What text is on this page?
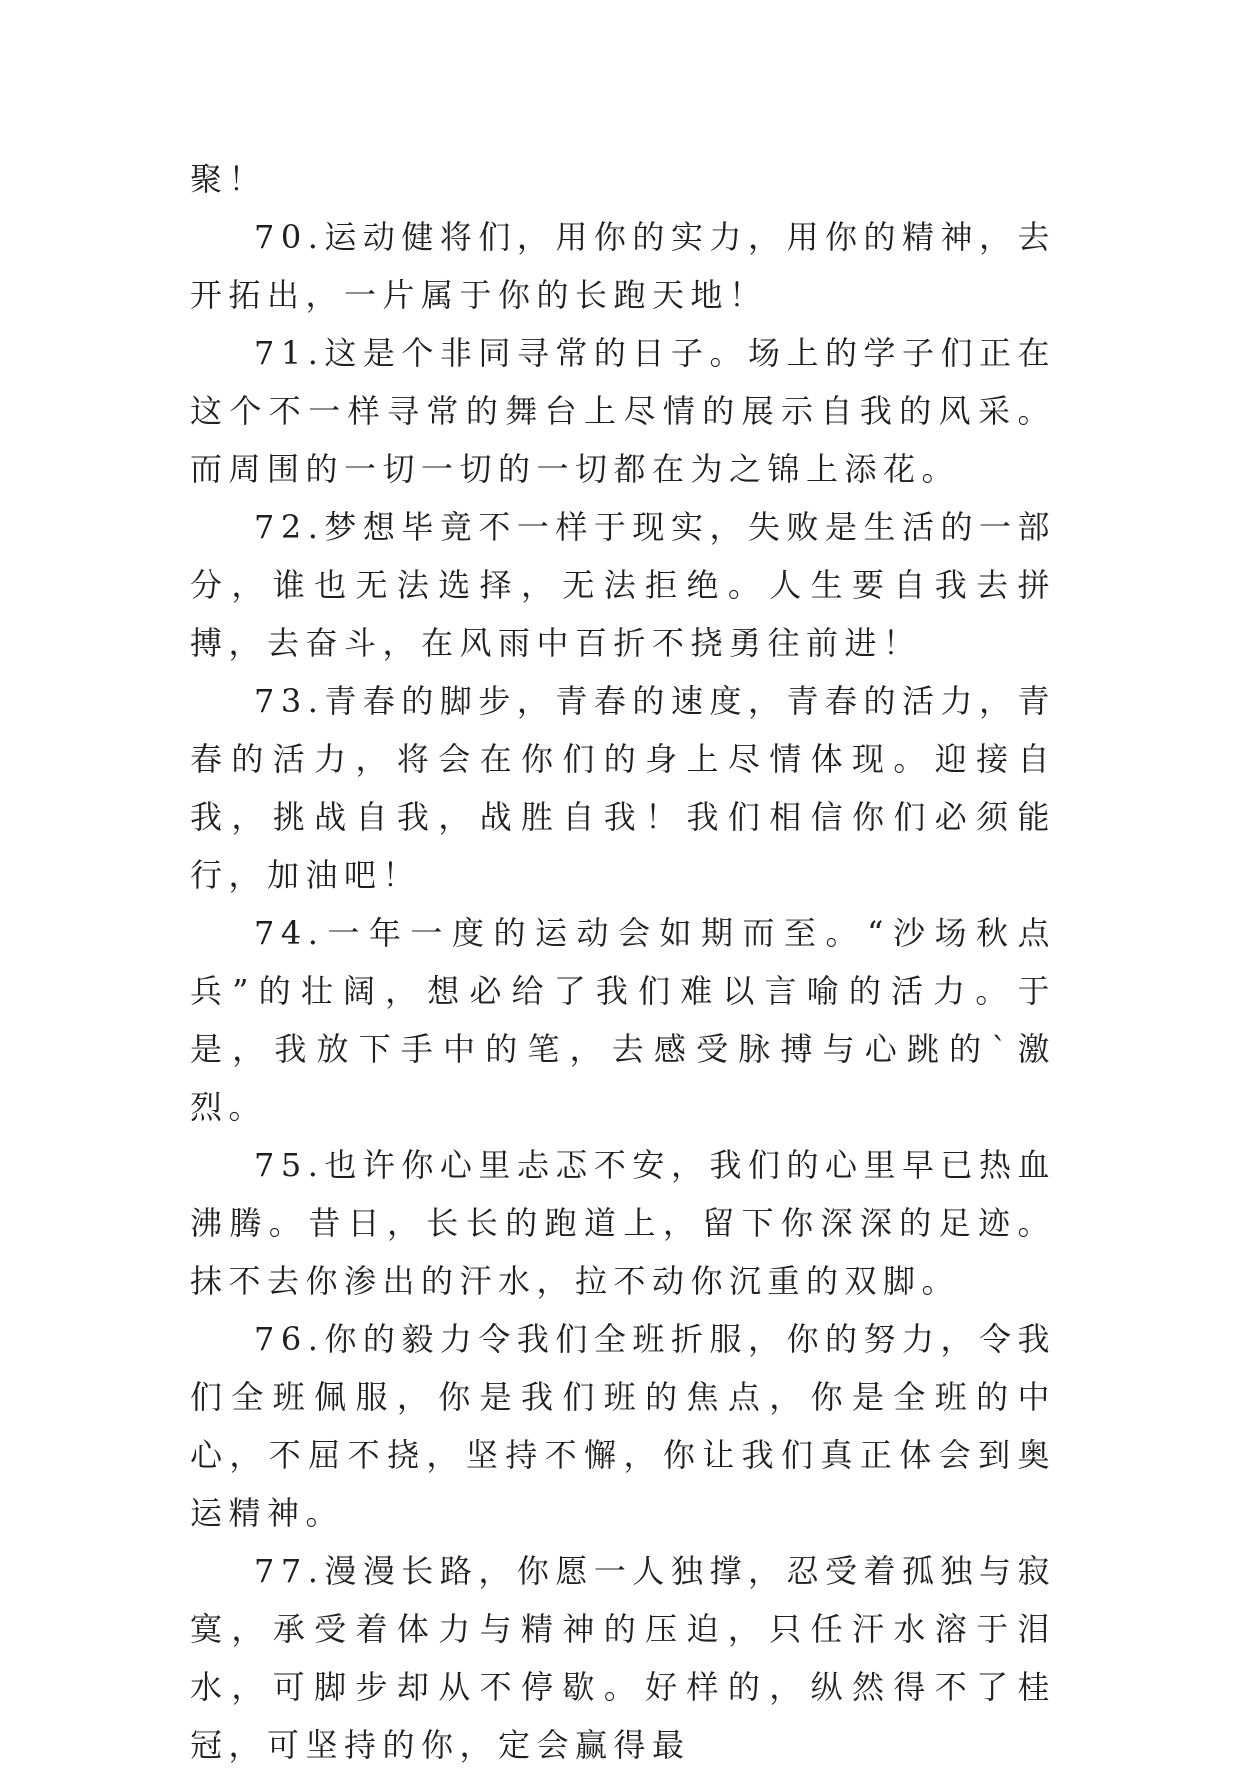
聚！

70.运动健将们，用你的实力，用你的精神，去开拓出，一片属于你的长跑天地！

71.这是个非同寻常的日子。场上的学子们正在这个不一样寻常的舞台上尽情的展示自我的风采。而周围的一切一切的一切都在为之锦上添花。

72.梦想毕竟不一样于现实，失败是生活的一部分，谁也无法选择，无法拒绝。人生要自我去拼搏，去奋斗，在风雨中百折不挠勇往前进！

73.青春的脚步，青春的速度，青春的活力，青春的活力，将会在你们的身上尽情体现。迎接自我，挑战自我，战胜自我！我们相信你们必须能行，加油吧！

74.一年一度的运动会如期而至。“沙场秋点兵”的壮阔，想必给了我们难以言喻的活力。于是，我放下手中的笔，去感受脉搏与心跳的`激烈。

75.也许你心里忐忑不安，我们的心里早已热血沸腾。昔日，长长的跑道上，留下你深深的足迹。抹不去你渗出的汗水，拉不动你沉重的双脚。

76.你的毅力令我们全班折服，你的努力，令我们全班佩服，你是我们班的焦点，你是全班的中心，不屈不挠，坚持不懈，你让我们真正体会到奥运精神。

77.漫漫长路，你愿一人独撑，忍受着孤独与寂寞，承受着体力与精神的压迫，只任汗水溶于泪水，可脚步却从不停歇。好样的，纵然得不了桂冠，可坚持的你，定会赢得最
